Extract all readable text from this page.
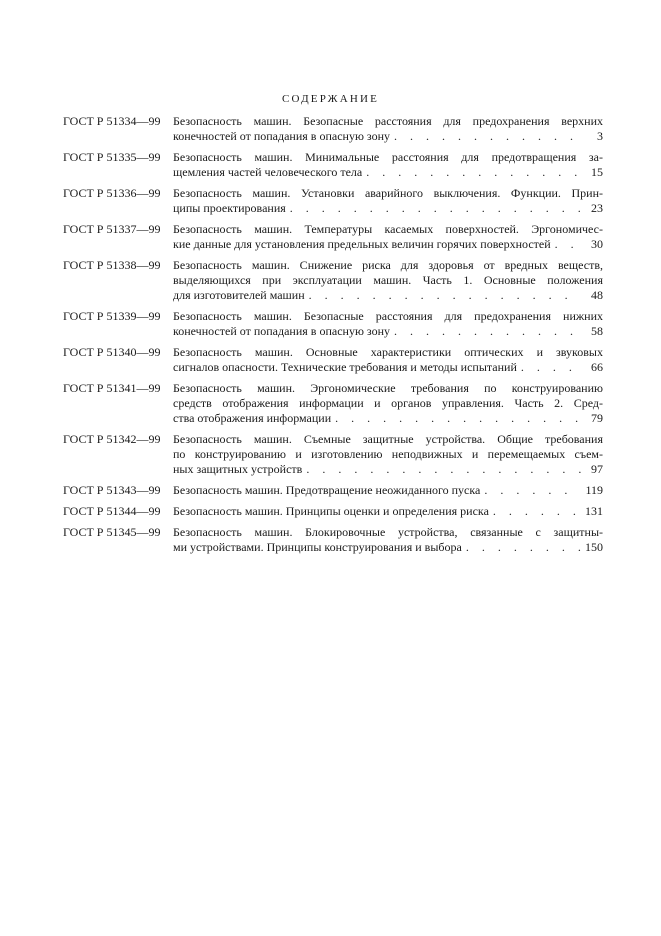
СОДЕРЖАНИЕ
ГОСТ Р 51334—99	Безопасность машин. Безопасные расстояния для предохранения верхних
конечностей от попадания в опасную зону . . .	3
ГОСТ Р 51335—99	Безопасность машин. Минимальные расстояния для предотвращения за-
щемления частей человеческого тела . . .	15
ГОСТ Р 51336—99	Безопасность машин. Установки аварийного выключения. Функции. Прин-
ципы проектирования . . .	23
ГОСТ Р 51337—99	Безопасность машин. Температуры касаемых поверхностей. Эргономичес-
кие данные для установления предельных величин горячих поверхностей . . .	30
ГОСТ Р 51338—99	Безопасность машин. Снижение риска для здоровья от вредных веществ,
выделяющихся при эксплуатации машин. Часть 1. Основные положения
для изготовителей машин . . .	48
ГОСТ Р 51339—99	Безопасность машин. Безопасные расстояния для предохранения нижних
конечностей от попадания в опасную зону . . .	58
ГОСТ Р 51340—99	Безопасность машин. Основные характеристики оптических и звуковых
сигналов опасности. Технические требования и методы испытаний . . .	66
ГОСТ Р 51341—99	Безопасность машин. Эргономические требования по конструированию
средств отображения информации и органов управления. Часть 2. Сред-
ства отображения информации . . .	79
ГОСТ Р 51342—99	Безопасность машин. Съемные защитные устройства. Общие требования
по конструированию и изготовлению неподвижных и перемещаемых съем-
ных защитных устройств . . .	97
ГОСТ Р 51343—99	Безопасность машин. Предотвращение неожиданного пуска . . .	119
ГОСТ Р 51344—99	Безопасность машин. Принципы оценки и определения риска . . .	131
ГОСТ Р 51345—99	Безопасность машин. Блокировочные устройства, связанные с защитны-
ми устройствами. Принципы конструирования и выбора . . .	150
